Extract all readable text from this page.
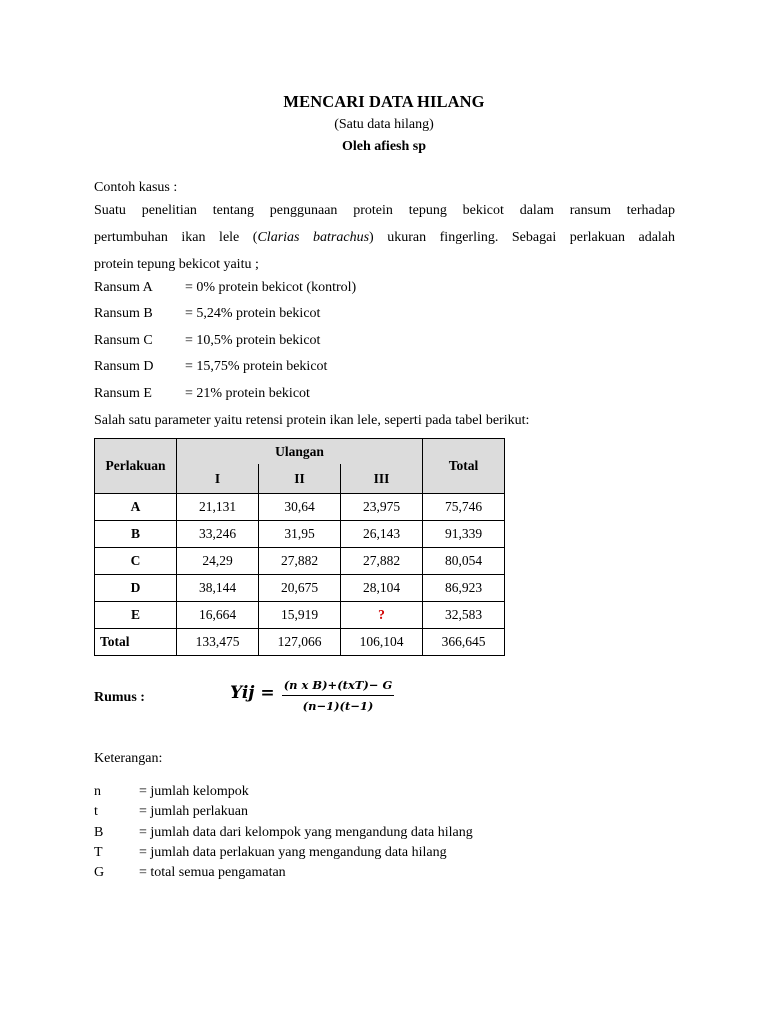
MENCARI DATA HILANG
(Satu data hilang)
Oleh afiesh sp
Contoh kasus :
Suatu penelitian tentang penggunaan protein tepung bekicot dalam ransum terhadap
pertumbuhan ikan lele (Clarias batrachus) ukuran fingerling. Sebagai perlakuan adalah
protein tepung bekicot yaitu ;
Ransum A = 0% protein bekicot (kontrol)
Ransum B = 5,24% protein bekicot
Ransum C = 10,5% protein bekicot
Ransum D = 15,75% protein bekicot
Ransum E = 21% protein bekicot
Salah satu parameter yaitu retensi protein ikan lele, seperti pada tabel berikut:
Perlakuan	Ulangan			Total
	I	II	III	
A	21,131	30,64	23,975	75,746
B	33,246	31,95	26,143	91,339
C	24,29	27,882	27,882	80,054
D	38,144	20,675	28,104	86,923
E	16,664	15,919	?	32,583
Total	133,475	127,066	106,104	366,645
Rumus :	Yij = (n x B)+(txT)− G
(n−1)(t−1)
Keterangan:
n	= jumlah kelompok
t	= jumlah perlakuan
B	= jumlah data dari kelompok yang mengandung data hilang
T	= jumlah data perlakuan yang mengandung data hilang
G = total semua pengamatan
